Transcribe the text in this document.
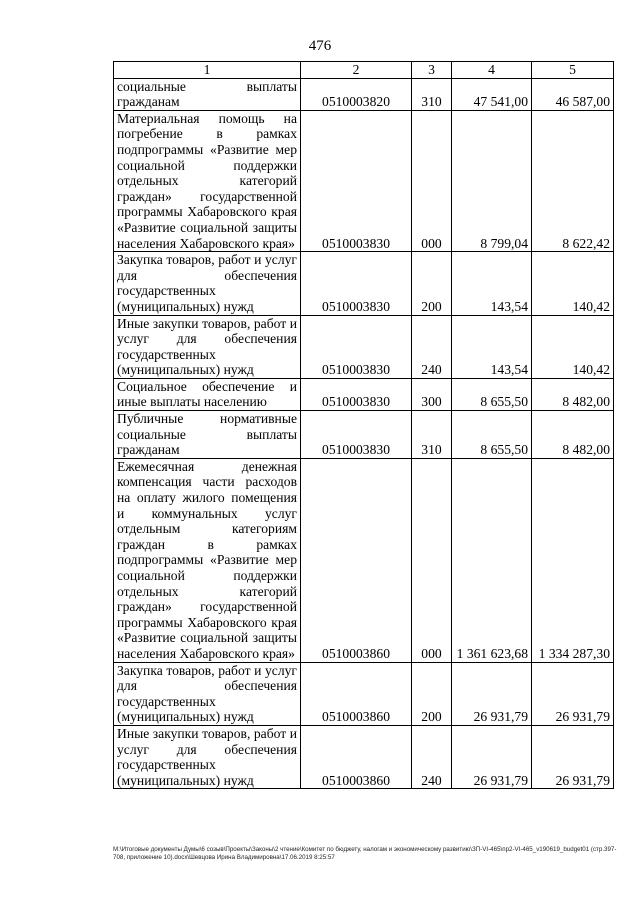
476
1	2	3	4	5
социальные выплаты гражданам	0510003820	310	47 541,00	46 587,00
Материальная помощь на погребение в рамках подпрограммы «Развитие мер социальной поддержки отдельных категорий граждан» государственной программы Хабаровского края «Развитие социальной защиты населения Хабаровского края»	0510003830	000	8 799,04	8 622,42
Закупка товаров, работ и услуг для обеспечения государственных (муниципальных) нужд	0510003830	200	143,54	140,42
Иные закупки товаров, работ и услуг для обеспечения государственных (муниципальных) нужд	0510003830	240	143,54	140,42
Социальное обеспечение и иные выплаты населению	0510003830	300	8 655,50	8 482,00
Публичные нормативные социальные выплаты гражданам	0510003830	310	8 655,50	8 482,00
Ежемесячная денежная компенсация части расходов на оплату жилого помещения и коммунальных услуг отдельным категориям граждан в рамках подпрограммы «Развитие мер социальной поддержки отдельных категорий граждан» государственной программы Хабаровского края «Развитие социальной защиты населения Хабаровского края»	0510003860	000	1 361 623,68	1 334 287,30
Закупка товаров, работ и услуг для обеспечения государственных (муниципальных) нужд	0510003860	200	26 931,79	26 931,79
Иные закупки товаров, работ и услуг для обеспечения государственных (муниципальных) нужд	0510003860	240	26 931,79	26 931,79
M:\Итоговые документы Думы\6 созыв\Проекты\Законы\2 чтение\Комитет по бюджету, налогам и экономическому развитию\ЗП-VI-465\пр2-VI-465_v190619_budget01 (стр.397-708, приложение 10).docx\Шевцова Ирина Владимировна\17.06.2019 8:25:57
